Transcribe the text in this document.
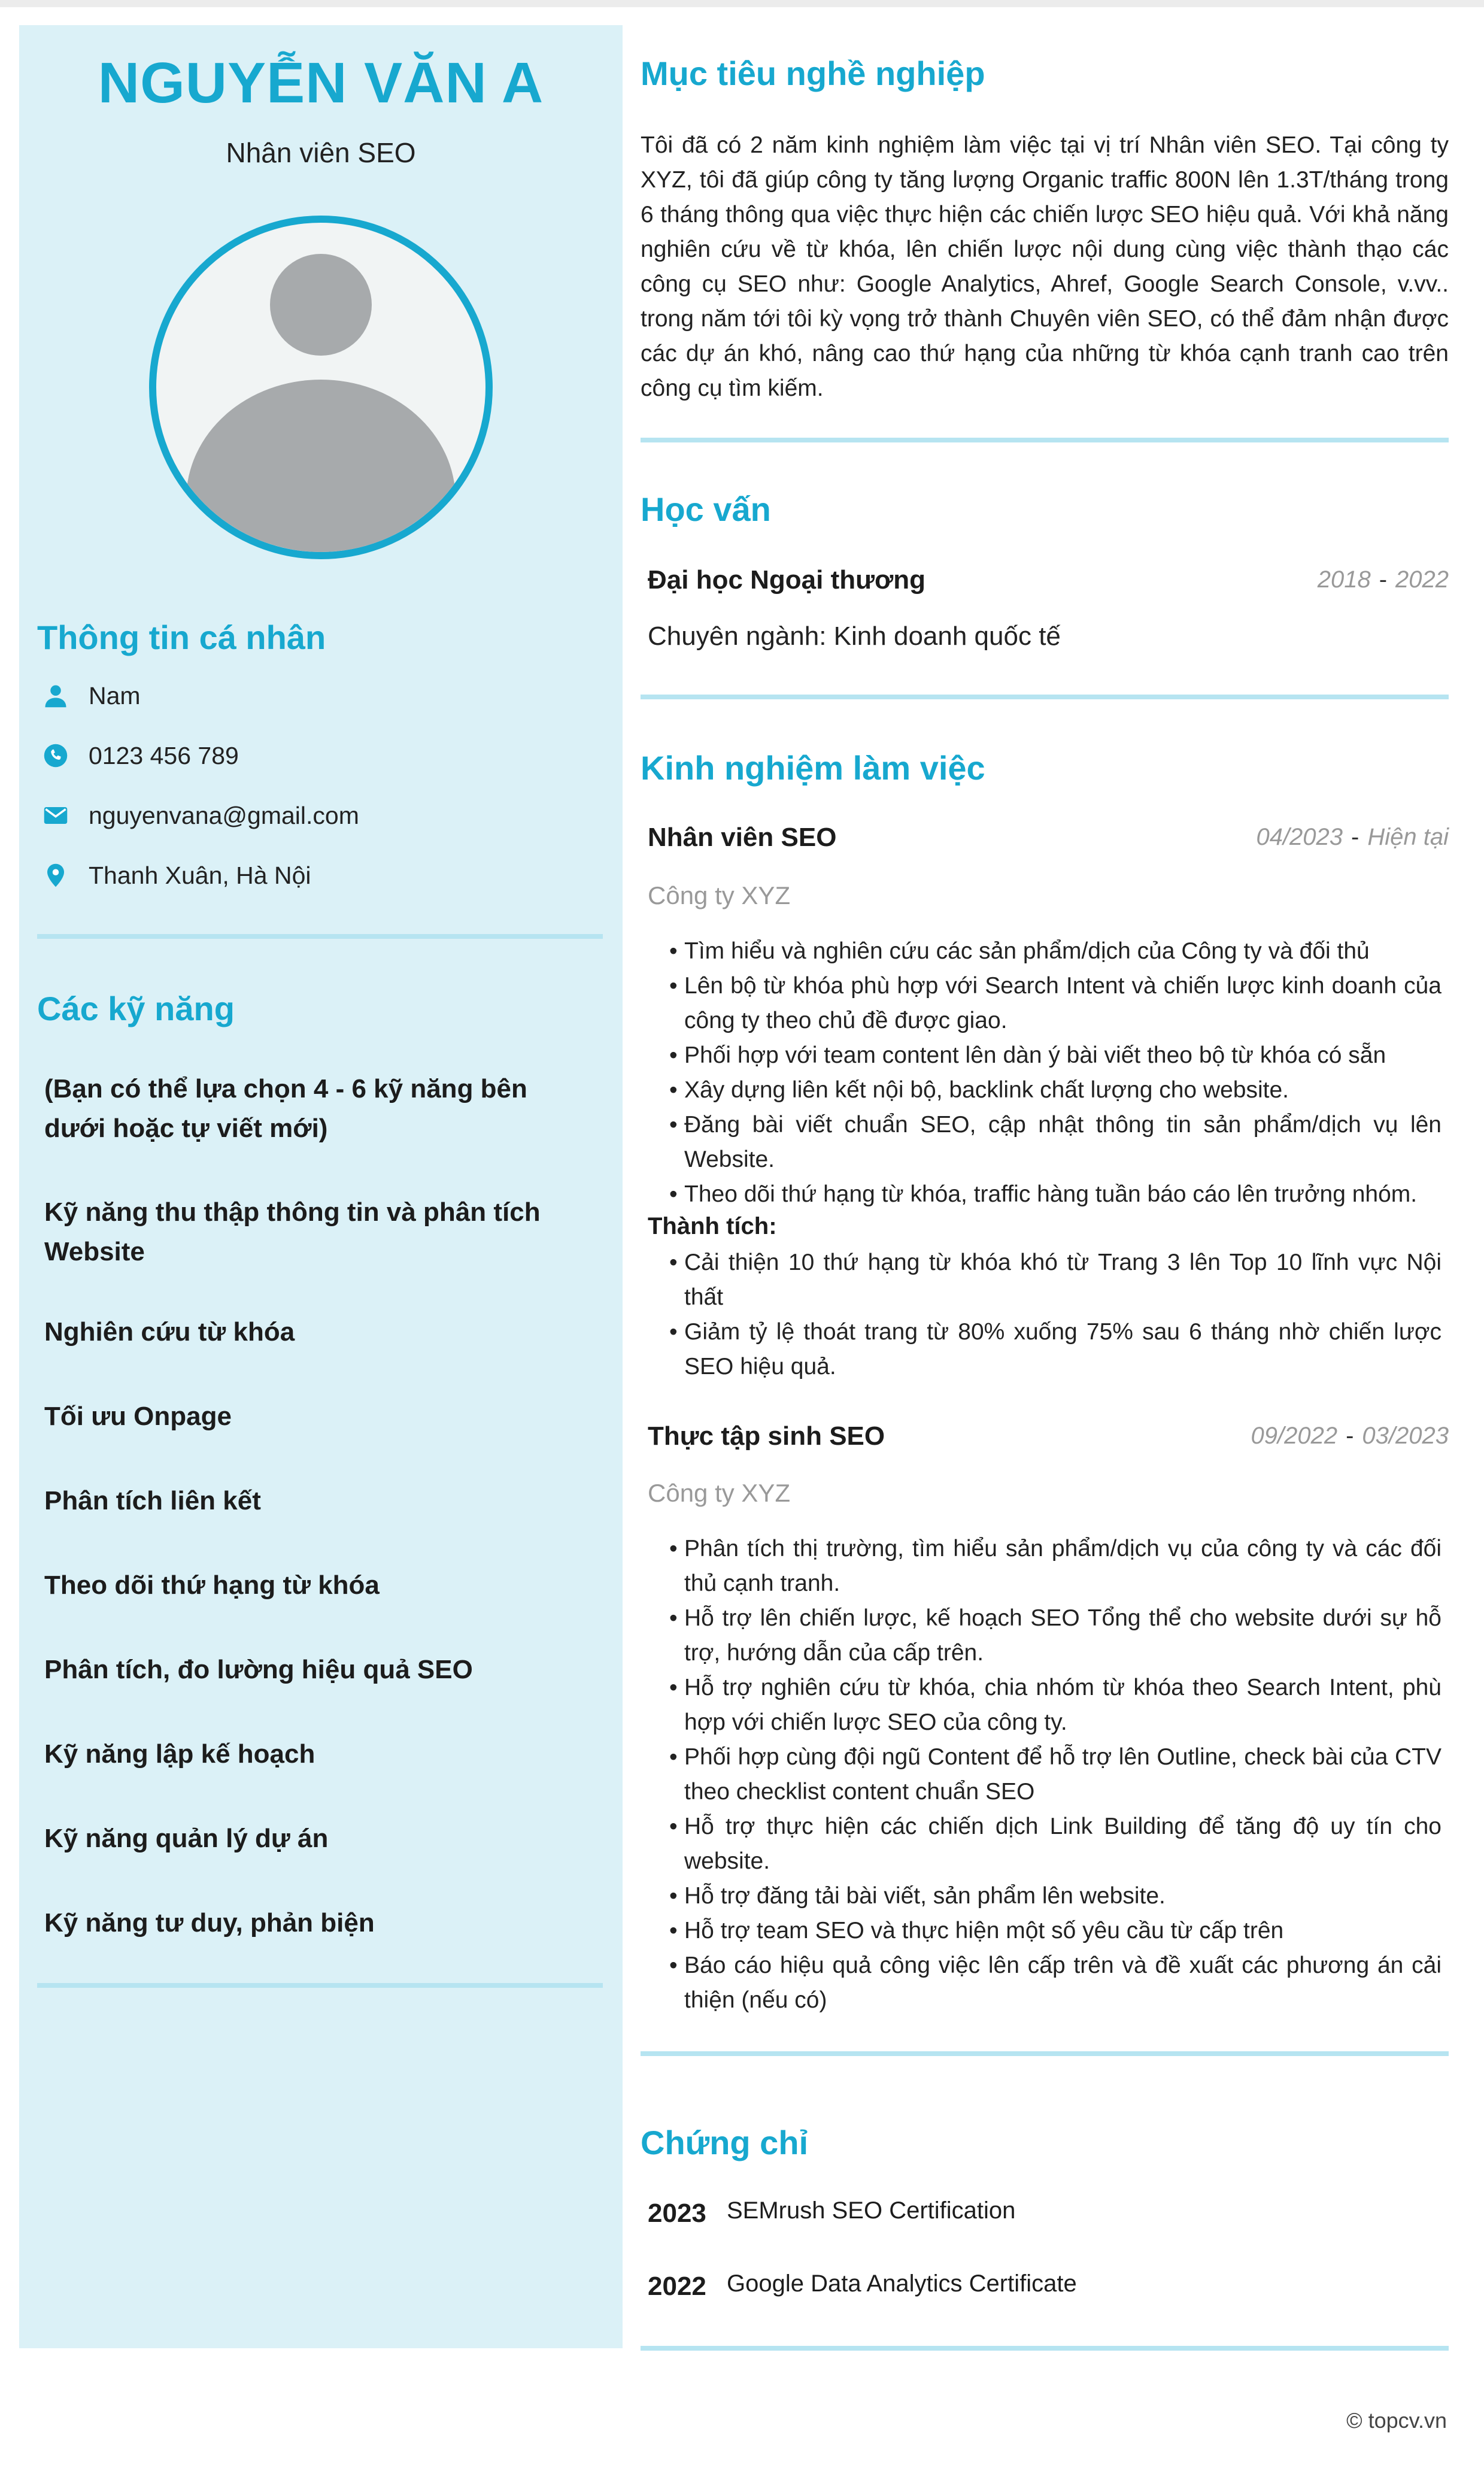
NGUYỄN VĂN A
Nhân viên SEO
Thông tin cá nhân
Nam
0123 456 789
nguyenvana@gmail.com
Thanh Xuân, Hà Nội
Các kỹ năng
(Bạn có thể lựa chọn 4 - 6 kỹ năng bên dưới hoặc tự viết mới)
Kỹ năng thu thập thông tin và phân tích Website
Nghiên cứu từ khóa
Tối ưu Onpage
Phân tích liên kết
Theo dõi thứ hạng từ khóa
Phân tích, đo lường hiệu quả SEO
Kỹ năng lập kế hoạch
Kỹ năng quản lý dự án
Kỹ năng tư duy, phản biện
Mục tiêu nghề nghiệp
Tôi đã có 2 năm kinh nghiệm làm việc tại vị trí Nhân viên SEO. Tại công ty XYZ, tôi đã giúp công ty tăng lượng Organic traffic 800N lên 1.3T/tháng trong 6 tháng thông qua việc thực hiện các chiến lược SEO hiệu quả. Với khả năng nghiên cứu về từ khóa, lên chiến lược nội dung cùng việc thành thạo các công cụ SEO như: Google Analytics, Ahref, Google Search Console, v.vv.. trong năm tới tôi kỳ vọng trở thành Chuyên viên SEO, có thể đảm nhận được các dự án khó, nâng cao thứ hạng của những từ khóa cạnh tranh cao trên công cụ tìm kiếm.
Học vấn
Đại học Ngoại thương	2018 - 2022
Chuyên ngành: Kinh doanh quốc tế
Kinh nghiệm làm việc
Nhân viên SEO	04/2023 - Hiện tại
Công ty XYZ
• Tìm hiểu và nghiên cứu các sản phẩm/dịch của Công ty và đối thủ
• Lên bộ từ khóa phù hợp với Search Intent và chiến lược kinh doanh của công ty theo chủ đề được giao.
• Phối hợp với team content lên dàn ý bài viết theo bộ từ khóa có sẵn
• Xây dựng liên kết nội bộ, backlink chất lượng cho website.
• Đăng bài viết chuẩn SEO, cập nhật thông tin sản phẩm/dịch vụ lên Website.
• Theo dõi thứ hạng từ khóa, traffic hàng tuần báo cáo lên trưởng nhóm.
Thành tích:
• Cải thiện 10 thứ hạng từ khóa khó từ Trang 3 lên Top 10 lĩnh vực Nội thất
• Giảm tỷ lệ thoát trang từ 80% xuống 75% sau 6 tháng nhờ chiến lược SEO hiệu quả.
Thực tập sinh SEO	09/2022 - 03/2023
Công ty XYZ
• Phân tích thị trường, tìm hiểu sản phẩm/dịch vụ của công ty và các đối thủ cạnh tranh.
• Hỗ trợ lên chiến lược, kế hoạch SEO Tổng thể cho website dưới sự hỗ trợ, hướng dẫn của cấp trên.
• Hỗ trợ nghiên cứu từ khóa, chia nhóm từ khóa theo Search Intent, phù hợp với chiến lược SEO của công ty.
• Phối hợp cùng đội ngũ Content để hỗ trợ lên Outline, check bài của CTV theo checklist content chuẩn SEO
• Hỗ trợ thực hiện các chiến dịch Link Building để tăng độ uy tín cho website.
• Hỗ trợ đăng tải bài viết, sản phẩm lên website.
• Hỗ trợ team SEO và thực hiện một số yêu cầu từ cấp trên
• Báo cáo hiệu quả công việc lên cấp trên và đề xuất các phương án cải thiện (nếu có)
Chứng chỉ
2023 SEMrush SEO Certification
2022 Google Data Analytics Certificate
© topcv.vn
